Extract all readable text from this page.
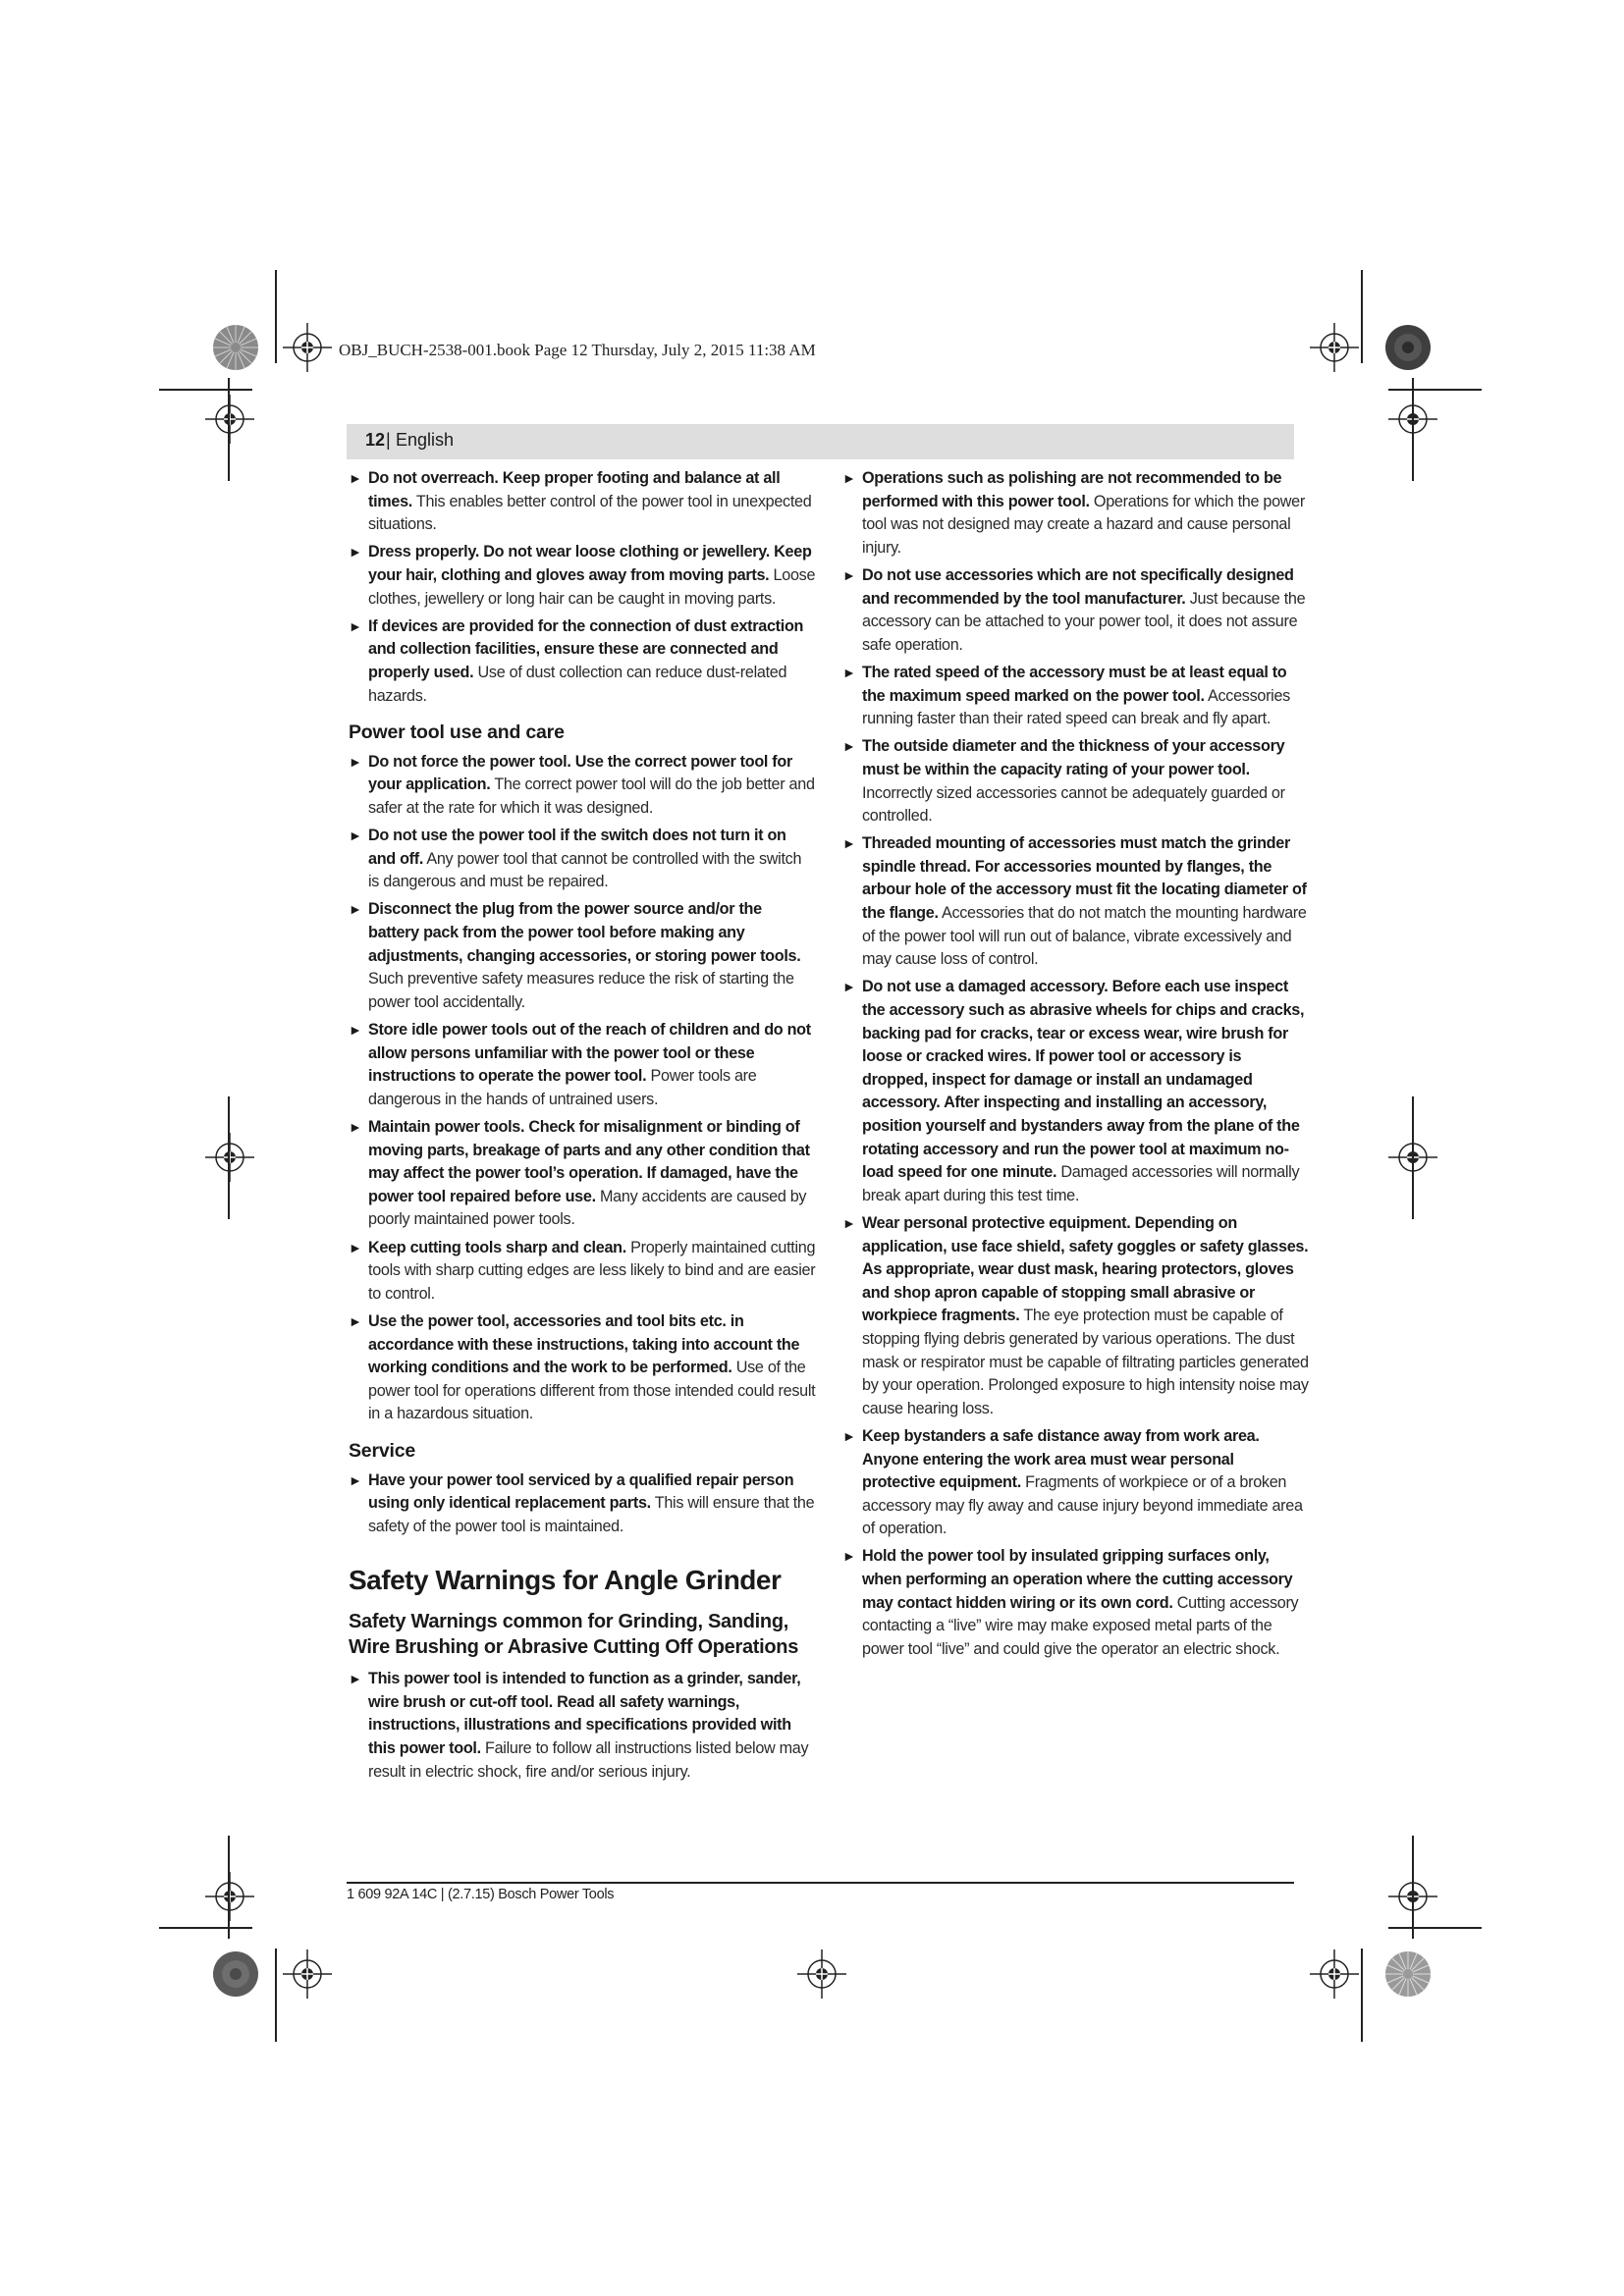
OBJ_BUCH-2538-001.book Page 12 Thursday, July 2, 2015 11:38 AM
12 | English
► Do not overreach. Keep proper footing and balance at all times. This enables better control of the power tool in unexpected situations.
► Dress properly. Do not wear loose clothing or jewellery. Keep your hair, clothing and gloves away from moving parts. Loose clothes, jewellery or long hair can be caught in moving parts.
► If devices are provided for the connection of dust extraction and collection facilities, ensure these are connected and properly used. Use of dust collection can reduce dust-related hazards.
Power tool use and care
► Do not force the power tool. Use the correct power tool for your application. The correct power tool will do the job better and safer at the rate for which it was designed.
► Do not use the power tool if the switch does not turn it on and off. Any power tool that cannot be controlled with the switch is dangerous and must be repaired.
► Disconnect the plug from the power source and/or the battery pack from the power tool before making any adjustments, changing accessories, or storing power tools. Such preventive safety measures reduce the risk of starting the power tool accidentally.
► Store idle power tools out of the reach of children and do not allow persons unfamiliar with the power tool or these instructions to operate the power tool. Power tools are dangerous in the hands of untrained users.
► Maintain power tools. Check for misalignment or binding of moving parts, breakage of parts and any other condition that may affect the power tool’s operation. If damaged, have the power tool repaired before use. Many accidents are caused by poorly maintained power tools.
► Keep cutting tools sharp and clean. Properly maintained cutting tools with sharp cutting edges are less likely to bind and are easier to control.
► Use the power tool, accessories and tool bits etc. in accordance with these instructions, taking into account the working conditions and the work to be performed. Use of the power tool for operations different from those intended could result in a hazardous situation.
Service
► Have your power tool serviced by a qualified repair person using only identical replacement parts. This will ensure that the safety of the power tool is maintained.
Safety Warnings for Angle Grinder
Safety Warnings common for Grinding, Sanding, Wire Brushing or Abrasive Cutting Off Operations
► This power tool is intended to function as a grinder, sander, wire brush or cut-off tool. Read all safety warnings, instructions, illustrations and specifications provided with this power tool. Failure to follow all instructions listed below may result in electric shock, fire and/or serious injury.
► Operations such as polishing are not recommended to be performed with this power tool. Operations for which the power tool was not designed may create a hazard and cause personal injury.
► Do not use accessories which are not specifically designed and recommended by the tool manufacturer. Just because the accessory can be attached to your power tool, it does not assure safe operation.
► The rated speed of the accessory must be at least equal to the maximum speed marked on the power tool. Accessories running faster than their rated speed can break and fly apart.
► The outside diameter and the thickness of your accessory must be within the capacity rating of your power tool. Incorrectly sized accessories cannot be adequately guarded or controlled.
► Threaded mounting of accessories must match the grinder spindle thread. For accessories mounted by flanges, the arbour hole of the accessory must fit the locating diameter of the flange. Accessories that do not match the mounting hardware of the power tool will run out of balance, vibrate excessively and may cause loss of control.
► Do not use a damaged accessory. Before each use inspect the accessory such as abrasive wheels for chips and cracks, backing pad for cracks, tear or excess wear, wire brush for loose or cracked wires. If power tool or accessory is dropped, inspect for damage or install an undamaged accessory. After inspecting and installing an accessory, position yourself and bystanders away from the plane of the rotating accessory and run the power tool at maximum no-load speed for one minute. Damaged accessories will normally break apart during this test time.
► Wear personal protective equipment. Depending on application, use face shield, safety goggles or safety glasses. As appropriate, wear dust mask, hearing protectors, gloves and shop apron capable of stopping small abrasive or workpiece fragments. The eye protection must be capable of stopping flying debris generated by various operations. The dust mask or respirator must be capable of filtrating particles generated by your operation. Prolonged exposure to high intensity noise may cause hearing loss.
► Keep bystanders a safe distance away from work area. Anyone entering the work area must wear personal protective equipment. Fragments of workpiece or of a broken accessory may fly away and cause injury beyond immediate area of operation.
► Hold the power tool by insulated gripping surfaces only, when performing an operation where the cutting accessory may contact hidden wiring or its own cord. Cutting accessory contacting a “live” wire may make exposed metal parts of the power tool “live” and could give the operator an electric shock.
1 609 92A 14C | (2.7.15) Bosch Power Tools
